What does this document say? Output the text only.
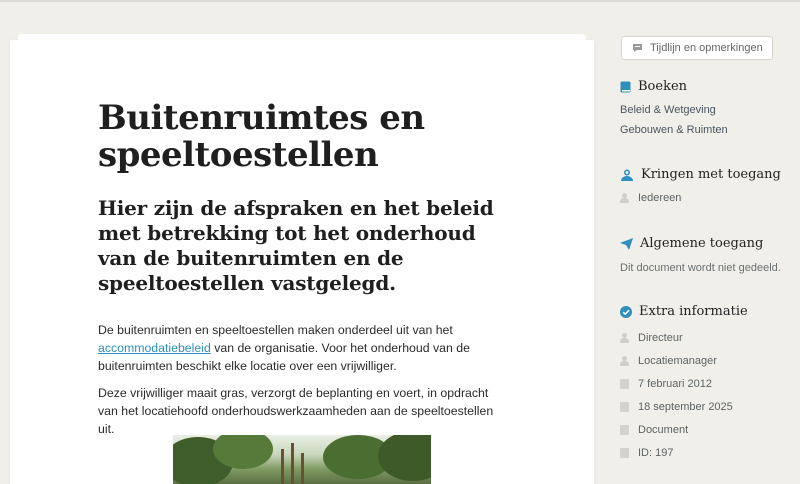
Buitenruimtes en speeltoestellen
Hier zijn de afspraken en het beleid met betrekking tot het onderhoud van de buitenruimten en de speeltoestellen vastgelegd.

De buitenruimten en speeltoestellen maken onderdeel uit van het accommodatiebeleid van de organisatie. Voor het onderhoud van de buitenruimten beschikt elke locatie over een vrijwilliger.

Deze vrijwilliger maait gras, verzorgt de beplanting en voert, in opdracht van het locatiehoofd onderhoudswerkzaamheden aan de speeltoestellen uit.

Tijdlijn en opmerkingen
Boeken
Beleid & Wetgeving
Gebouwen & Ruimten
Kringen met toegang
Iedereen
Algemene toegang
Dit document wordt niet gedeeld.
Extra informatie
Directeur
Locatiemanager
7 februari 2012
18 september 2025
Document
ID: 197
